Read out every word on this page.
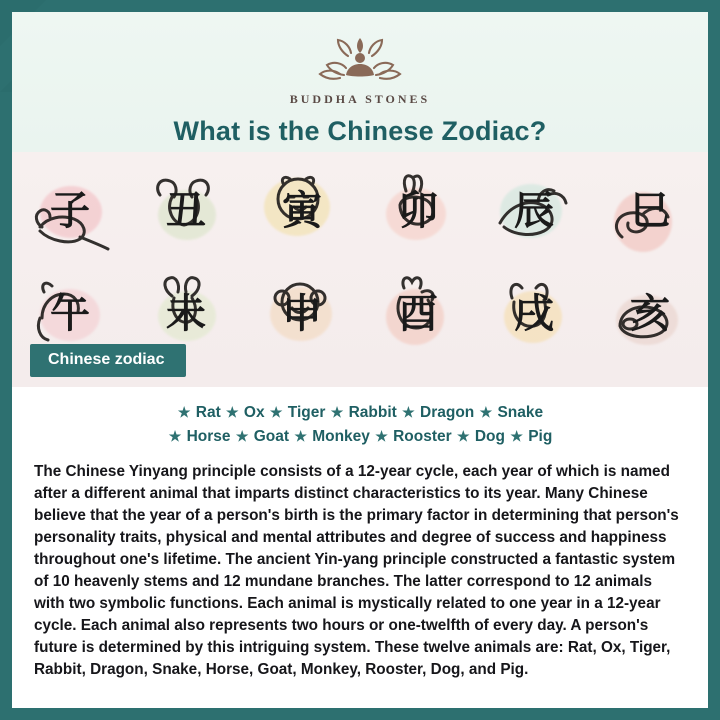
BUDDHA STONES
What is the Chinese Zodiac?
子 丑 寅 卯 辰 巳
午 未 申 酉 戌 亥
Chinese zodiac
★ Rat ★ Ox ★ Tiger ★ Rabbit ★ Dragon ★ Snake
★ Horse ★ Goat ★ Monkey ★ Rooster ★ Dog ★ Pig
The Chinese Yinyang principle consists of a 12-year cycle, each year of which is named after a different animal that imparts distinct characteristics to its year. Many Chinese believe that the year of a person's birth is the primary factor in determining that person's personality traits, physical and mental attributes and degree of success and happiness throughout one's lifetime. The ancient Yin-yang principle constructed a fantastic system of 10 heavenly stems and 12 mundane branches. The latter correspond to 12 animals with two symbolic functions. Each animal is mystically related to one year in a 12-year cycle. Each animal also represents two hours or one-twelfth of every day. A person's future is determined by this intriguing system. These twelve animals are: Rat, Ox, Tiger, Rabbit, Dragon, Snake, Horse, Goat, Monkey, Rooster, Dog, and Pig.
